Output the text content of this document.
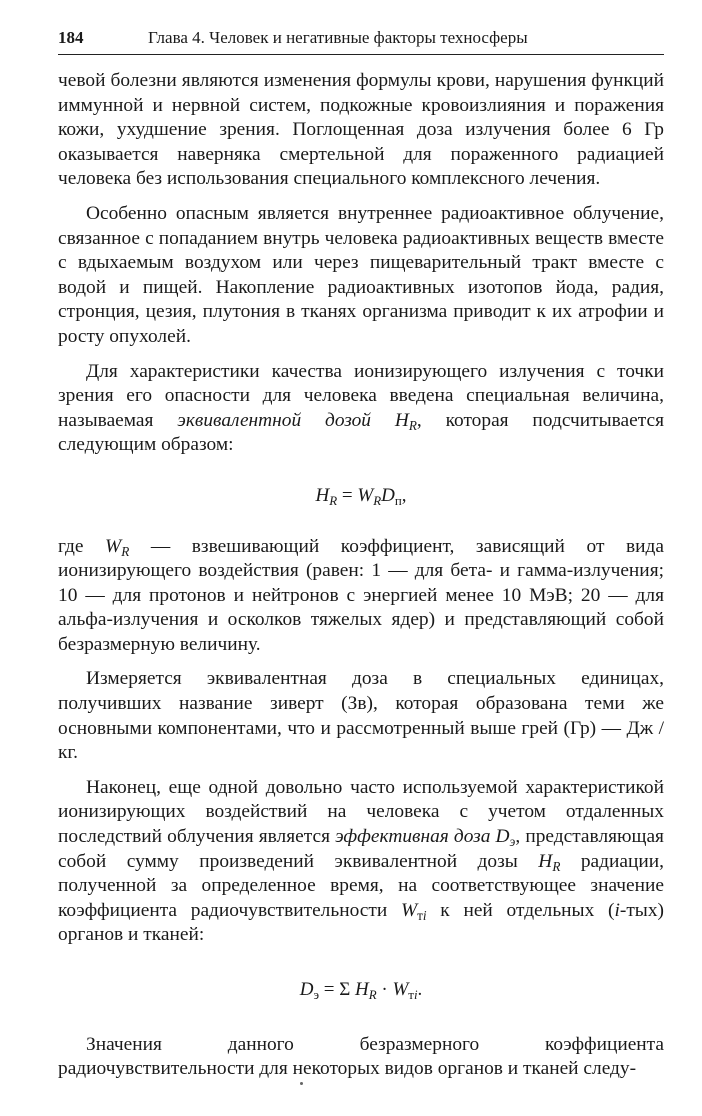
184	Глава 4. Человек и негативные факторы техносферы

чевой болезни являются изменения формулы крови, нарушения функций иммунной и нервной систем, подкожные кровоизлияния и поражения кожи, ухудшение зрения. Поглощенная доза излучения более 6 Гр оказывается наверняка смертельной для пораженного радиацией человека без использования специального комплексного лечения.

Особенно опасным является внутреннее радиоактивное облучение, связанное с попаданием внутрь человека радиоактивных веществ вместе с вдыхаемым воздухом или через пищеварительный тракт вместе с водой и пищей. Накопление радиоактивных изотопов йода, радия, стронция, цезия, плутония в тканях организма приводит к их атрофии и росту опухолей.

Для характеристики качества ионизирующего излучения с точки зрения его опасности для человека введена специальная величина, называемая эквивалентной дозой $H_R$, которая подсчитывается следующим образом:

$H_R = W_RD_п$,

где $W_R$ — взвешивающий коэффициент, зависящий от вида ионизирующего воздействия (равен: 1 — для бета- и гамма-излучения; 10 — для протонов и нейтронов с энергией менее 10 МэВ; 20 — для альфа-излучения и осколков тяжелых ядер) и представляющий собой безразмерную величину.

Измеряется эквивалентная доза в специальных единицах, получивших название зиверт (Зв), которая образована теми же основными компонентами, что и рассмотренный выше грей (Гр) — Дж /кг.

Наконец, еще одной довольно часто используемой характеристикой ионизирующих воздействий на человека с учетом отдаленных последствий облучения является эффективная доза $D_э$, представляющая собой сумму произведений эквивалентной дозы $H_R$ радиации, полученной за определенное время, на соответствующее значение коэффициента радиочувствительности $W_{тi}$ к ней отдельных (i-тых) органов и тканей:

$D_э = \Sigma$ $H_R \cdot W_{тi}$.

Значения данного безразмерного коэффициента радиочувствительности для некоторых видов органов и тканей следу-
